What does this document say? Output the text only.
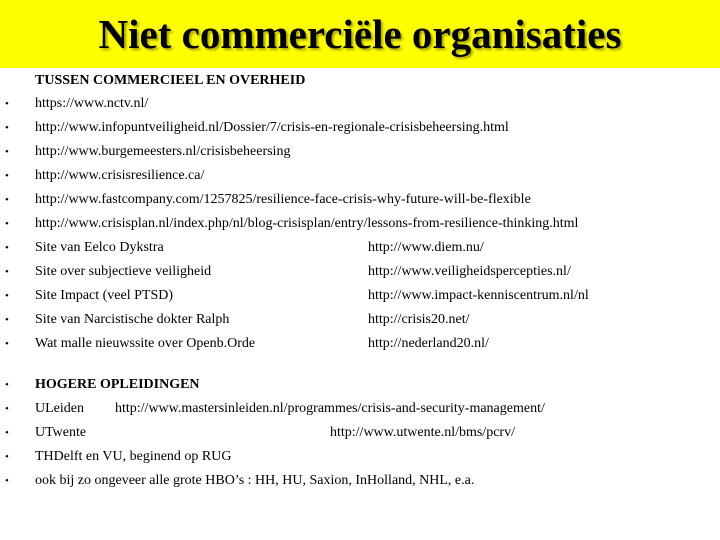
Niet commerciële organisaties
TUSSEN COMMERCIEEL EN OVERHEID
• https://www.nctv.nl/
• http://www.infopuntveiligheid.nl/Dossier/7/crisis-en-regionale-crisisbeheersing.html
• http://www.burgemeesters.nl/crisisbeheersing
• http://www.crisisresilience.ca/
• http://www.fastcompany.com/1257825/resilience-face-crisis-why-future-will-be-flexible
• http://www.crisisplan.nl/index.php/nl/blog-crisisplan/entry/lessons-from-resilience-thinking.html
• Site van Eelco Dykstra	http://www.diem.nu/
• Site over subjectieve veiligheid	http://www.veiligheidspercepties.nl/
• Site Impact (veel PTSD)	http://www.impact-kenniscentrum.nl/nl
• Site van Narcistische dokter Ralph	http://crisis20.net/
• Wat malle nieuwssite over Openb.Orde	http://nederland20.nl/
• HOGERE OPLEIDINGEN
• ULeiden http://www.mastersinleiden.nl/programmes/crisis-and-security-management/
• UTwente	http://www.utwente.nl/bms/pcrv/
• THDelft en VU, beginend op RUG
• ook bij zo ongeveer alle grote HBO’s : HH, HU, Saxion, InHolland, NHL, e.a.
